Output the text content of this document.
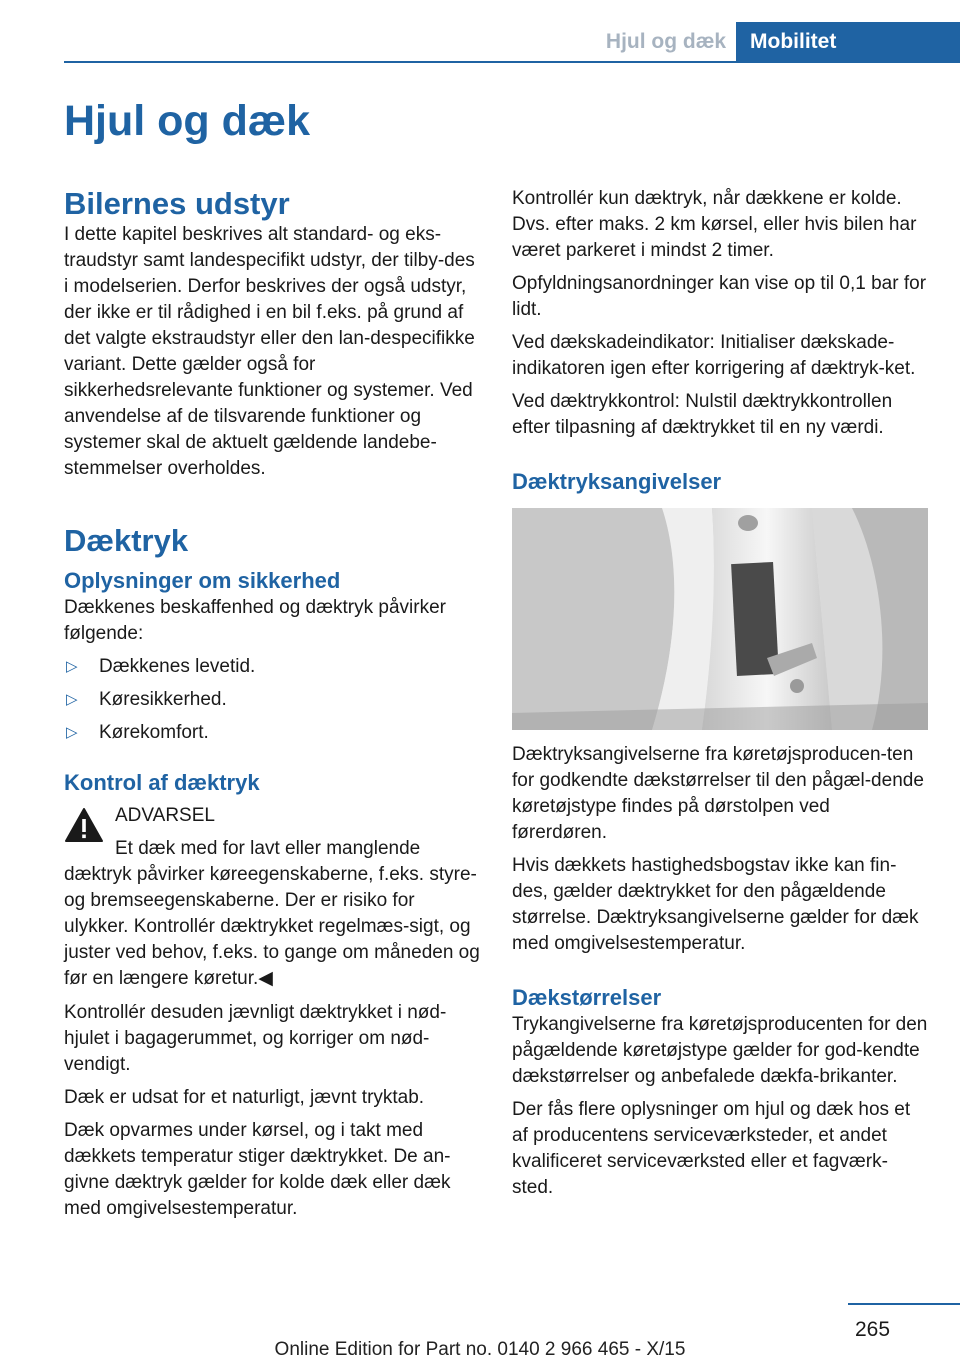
Hjul og dæk	Mobilitet
Hjul og dæk
Bilernes udstyr

I dette kapitel beskrives alt standard- og eks-traudstyr samt landespecifikt udstyr, der tilby-des i modelserien. Derfor beskrives der også udstyr, der ikke er til rådighed i en bil f.eks. på grund af det valgte ekstraudstyr eller den lan-despecifikke variant. Dette gælder også for sikkerhedsrelevante funktioner og systemer. Ved anvendelse af de tilsvarende funktioner og systemer skal de aktuelt gældende landebe-stemmelser overholdes.

Dæktryk
Oplysninger om sikkerhed

Dækkenes beskaffenhed og dæktryk påvirker følgende:

▷ Dækkenes levetid.
▷ Køresikkerhed.
▷ Kørekomfort.
Kontrol af dæktryk

ADVARSEL

Et dæk med for lavt eller manglende dæktryk påvirker køreegenskaberne, f.eks. styre- og bremseegenskaberne. Der er risiko for ulykker. Kontrollér dæktrykket regelmæs-sigt, og juster ved behov, f.eks. to gange om måneden og før en længere køretur.◀

Kontrollér desuden jævnligt dæktrykket i nød-hjulet i bagagerummet, og korriger om nød-vendigt.

Dæk er udsat for et naturligt, jævnt tryktab.

Dæk opvarmes under kørsel, og i takt med dækkets temperatur stiger dæktrykket. De an-givne dæktryk gælder for kolde dæk eller dæk med omgivelsestemperatur.

Kontrollér kun dæktryk, når dækkene er kolde. Dvs. efter maks. 2 km kørsel, eller hvis bilen har været parkeret i mindst 2 timer.

Opfyldningsanordninger kan vise op til 0,1 bar for lidt.

Ved dækskadeindikator: Initialiser dækskade-indikatoren igen efter korrigering af dæktryk-ket.

Ved dæktrykkontrol: Nulstil dæktrykkontrollen efter tilpasning af dæktrykket til en ny værdi.

Dæktryksangivelser

Dæktryksangivelserne fra køretøjsproducen-ten for godkendte dækstørrelser til den pågæl-dende køretøjstype findes på dørstolpen ved førerdøren.

Hvis dækkets hastighedsbogstav ikke kan fin-des, gælder dæktrykket for den pågældende størrelse. Dæktryksangivelserne gælder for dæk med omgivelsestemperatur.

Dækstørrelser

Trykangivelserne fra køretøjsproducenten for den pågældende køretøjstype gælder for god-kendte dækstørrelser og anbefalede dækfa-brikanter.

Der fås flere oplysninger om hjul og dæk hos et af producentens serviceværksteder, et andet kvalificeret serviceværksted eller et fagværk-sted.

265
Online Edition for Part no. 0140 2 966 465 - X/15
